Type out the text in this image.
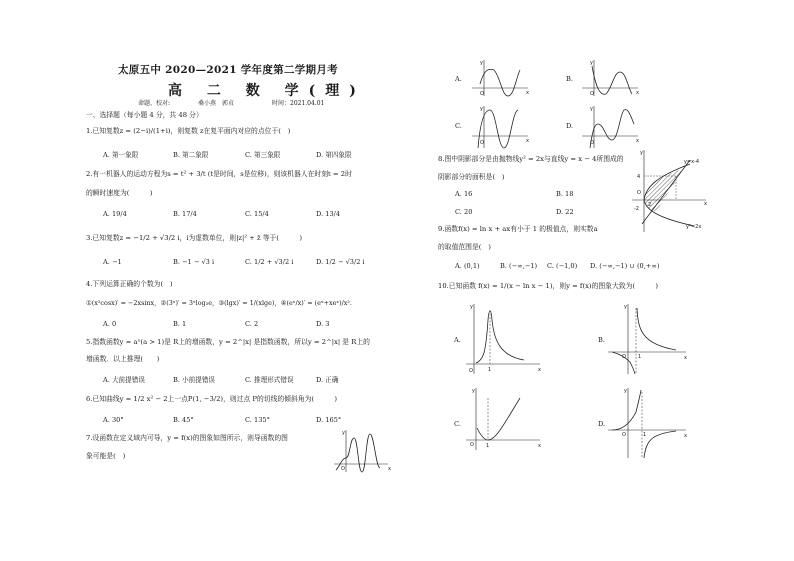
太原五中 2020—2021 学年度第二学期月考
高 二 数 学(理)
命题、校对:	桑小燕　郭贞	时间：2021.04.01
一、选择题（每小题 4 分，共 48 分）
1.已知复数z = (2−i)/(1+i)，则复数 z在复平面内对应的点位于(　)
A. 第一象限	B. 第二象限	C. 第三象限	D. 第四象限
2.有一机器人的运动方程为s = t² + 3/t (t是时间，s是位移)，则该机器人在时刻t = 2时
的瞬时速度为(　　　)
A. 19/4	B. 17/4	C. 15/4	D. 13/4
3.已知复数z = −1/2 + √3/2 i，i为虚数单位，则|z|² + z̄ 等于(　　　)
A. −1	B. −1 − √3 i	C. 1/2 + √3/2 i	D. 1/2 − √3/2 i
4.下列运算正确的个数为(　)
①(x²cosx)′ = −2xsinx，②(3ˣ)′ = 3ˣlog₃e，③(lgx)′ = 1/(xlge)，④(eˣ/x)′ = (eˣ+xeˣ)/x².
A. 0	B. 1	C. 2	D. 3
5.指数函数y = aˣ(a > 1)是 R上的增函数，y = 2^|x| 是指数函数，所以y = 2^|x| 是 R上的
增函数．以上推理(　　)
A. 大前提错误	B. 小前提错误	C. 推理形式错误	D. 正确
6.已知曲线y = 1/2 x² − 2上一点P(1, −3/2)，则过点 P的切线的倾斜角为(　　　)
A. 30°	B. 45°	C. 135°	D. 165°
7.设函数在定义域内可导，y = f(x)的图象如图所示，则导函数的图
象可能是(　)
x
y
O
A.
y
O	x
B.
y
O	x
C.
y
O	x
D.
y
O	x
8.图中阴影部分是由抛物线y² = 2x与直线y = x − 4所围成的
阴影部分的面积是(　)
A. 16	B. 18
C. 20	D. 22
y=x-4
y²=2x
4
-2
O
2	x
y
9.函数f(x) = ln x + ax有小于 1 的极值点，则实数a
的取值范围是(　)
A. (0,1)	B. (−∞,−1) C. (−1,0) D. (−∞,−1) ∪ (0,+∞)
10.已知函数 f(x) = 1/(x − ln x − 1)，则y = f(x)的图象大致为(　　　)
A.
y
O	1	x
B.
y
O 1	x
C.
y
O 1	x
D.
y
O	1	x
